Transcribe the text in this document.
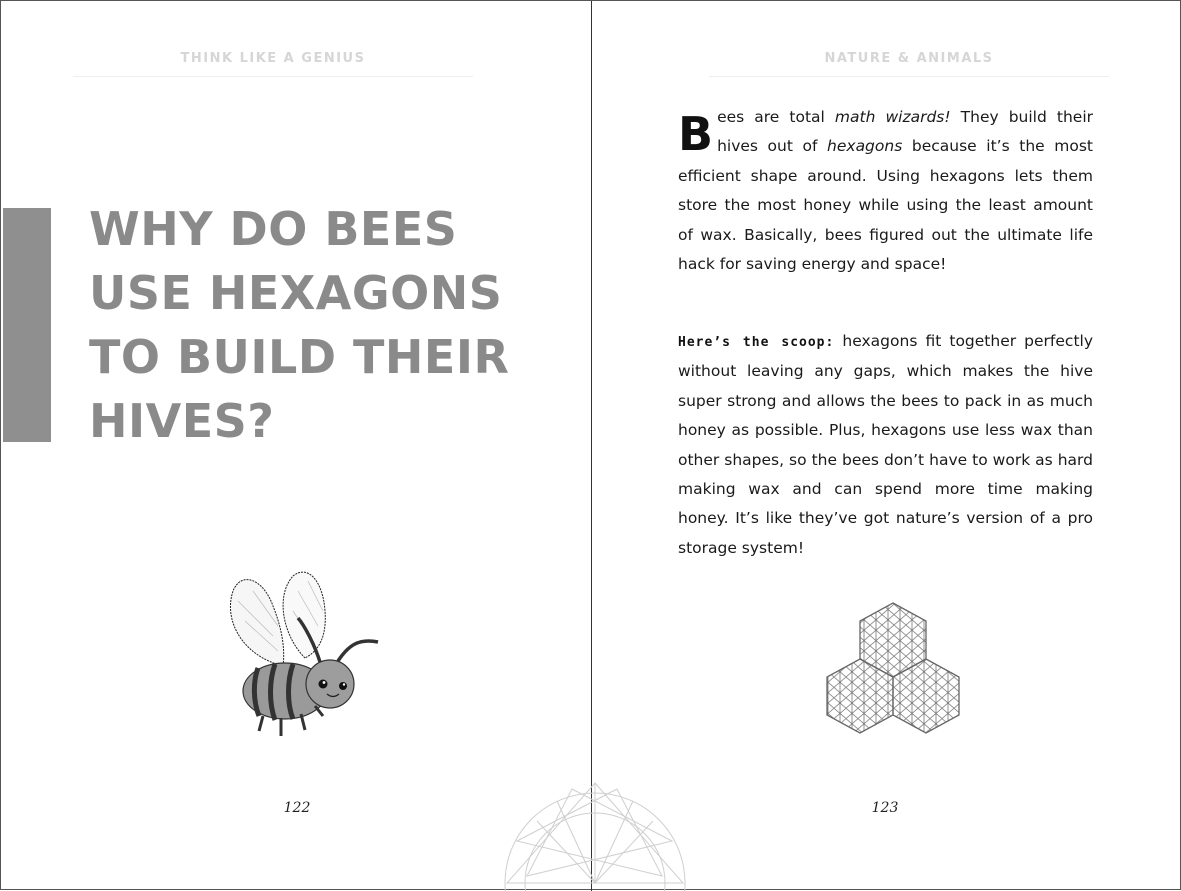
THINK LIKE A GENIUS
WHY DO BEES USE HEXAGONS TO BUILD THEIR HIVES?
122
NATURE & ANIMALS

Bees are total math wizards! They build their hives out of hexagons because it’s the most efficient shape around. Using hexagons lets them store the most honey while using the least amount of wax. Basically, bees figured out the ultimate life hack for saving energy and space!

Here’s the scoop: hexagons fit together perfectly without leaving any gaps, which makes the hive super strong and allows the bees to pack in as much honey as possible. Plus, hexagons use less wax than other shapes, so the bees don’t have to work as hard making wax and can spend more time making honey. It’s like they’ve got nature’s version of a pro storage system!

123
